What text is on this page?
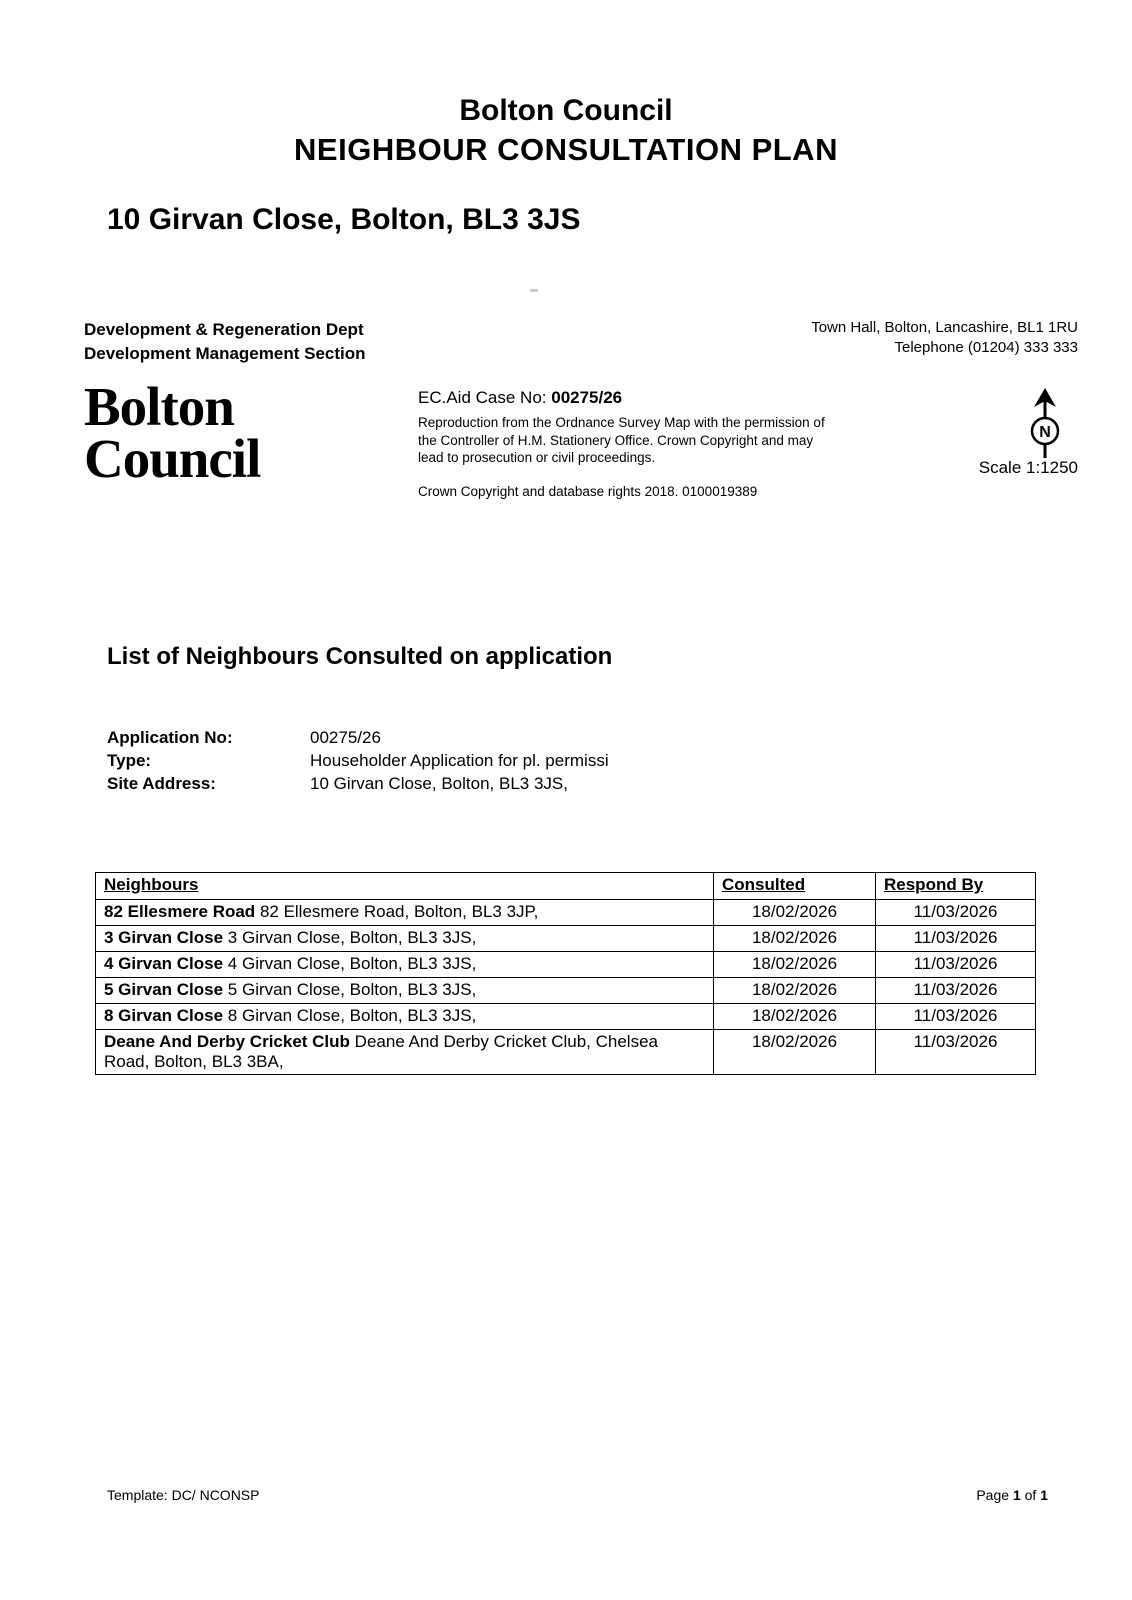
Bolton Council
NEIGHBOUR CONSULTATION PLAN
10 Girvan Close, Bolton, BL3 3JS
Development & Regeneration Dept
Development Management Section
Town Hall, Bolton, Lancashire, BL1 1RU
Telephone (01204) 333 333
Bolton
Council
EC.Aid Case No: 00275/26
Reproduction from the Ordnance Survey Map with the permission of the Controller of H.M. Stationery Office. Crown Copyright and may lead to prosecution or civil proceedings.
Crown Copyright and database rights 2018. 0100019389
N
Scale 1:1250
List of Neighbours Consulted on application
Application No:	00275/26
Type:	Householder Application for pl. permissi
Site Address:	10 Girvan Close, Bolton, BL3 3JS,
Neighbours	Consulted	Respond By
82 Ellesmere Road 82 Ellesmere Road, Bolton, BL3 3JP,	18/02/2026	11/03/2026
3 Girvan Close 3 Girvan Close, Bolton, BL3 3JS,	18/02/2026	11/03/2026
4 Girvan Close 4 Girvan Close, Bolton, BL3 3JS,	18/02/2026	11/03/2026
5 Girvan Close 5 Girvan Close, Bolton, BL3 3JS,	18/02/2026	11/03/2026
8 Girvan Close 8 Girvan Close, Bolton, BL3 3JS,	18/02/2026	11/03/2026
Deane And Derby Cricket Club Deane And Derby Cricket Club, Chelsea Road, Bolton, BL3 3BA,	18/02/2026	11/03/2026
Template: DC/ NCONSP	Page 1 of 1
